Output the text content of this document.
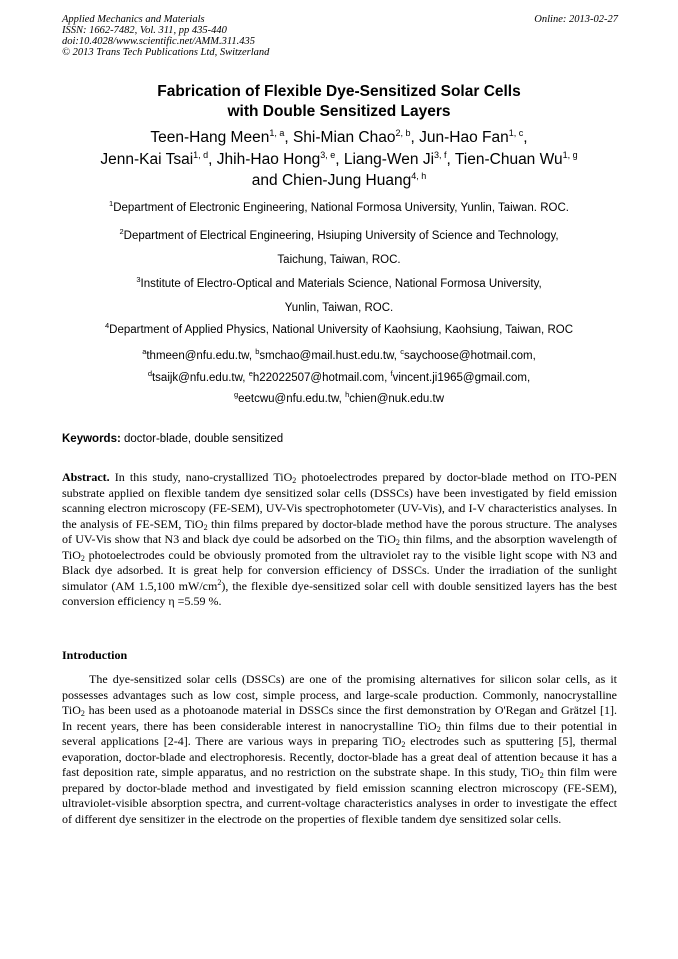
Applied Mechanics and Materials
ISSN: 1662-7482, Vol. 311, pp 435-440
doi:10.4028/www.scientific.net/AMM.311.435
© 2013 Trans Tech Publications Ltd, Switzerland
Online: 2013-02-27
Fabrication of Flexible Dye-Sensitized Solar Cells
with Double Sensitized Layers
Teen-Hang Meen$^{1, a}$, Shi-Mian Chao$^{2, b}$, Jun-Hao Fan$^{1, c}$,
Jenn-Kai Tsai$^{1, d}$, Jhih-Hao Hong$^{3, e}$, Liang-Wen Ji$^{3, f}$, Tien-Chuan Wu$^{1, g}$
and Chien-Jung Huang$^{4, h}$
$^1$Department of Electronic Engineering, National Formosa University, Yunlin, Taiwan. ROC.
$^2$Department of Electrical Engineering, Hsiuping University of Science and Technology,
Taichung, Taiwan, ROC.
$^3$Institute of Electro-Optical and Materials Science, National Formosa University,
Yunlin, Taiwan, ROC.
$^4$Department of Applied Physics, National University of Kaohsiung, Kaohsiung, Taiwan, ROC
$^a$thmeen@nfu.edu.tw, $^b$smchao@mail.hust.edu.tw, $^c$saychoose@hotmail.com,
$^d$tsaijk@nfu.edu.tw, $^e$h22022507@hotmail.com, $^f$vincent.ji1965@gmail.com,
$^g$eetcwu@nfu.edu.tw, $^h$chien@nuk.edu.tw
Keywords: doctor-blade, double sensitized
Abstract. In this study, nano-crystallized TiO$_2$ photoelectrodes prepared by doctor-blade method on ITO-PEN substrate applied on flexible tandem dye sensitized solar cells (DSSCs) have been investigated by field emission scanning electron microscopy (FE-SEM), UV-Vis spectrophotometer (UV-Vis), and I-V characteristics analyses. In the analysis of FE-SEM, TiO$_2$ thin films prepared by doctor-blade method have the porous structure. The analyses of UV-Vis show that N3 and black dye could be adsorbed on the TiO$_2$ thin films, and the absorption wavelength of TiO$_2$ photoelectrodes could be obviously promoted from the ultraviolet ray to the visible light scope with N3 and Black dye adsorbed. It is great help for conversion efficiency of DSSCs. Under the irradiation of the sunlight simulator (AM 1.5,100 $mW/cm^2$), the flexible dye-sensitized solar cell with double sensitized layers has the best conversion efficiency η =5.59 %.
Introduction
The dye-sensitized solar cells (DSSCs) are one of the promising alternatives for silicon solar cells, as it possesses advantages such as low cost, simple process, and large-scale production. Commonly, nanocrystalline TiO$_2$ has been used as a photoanode material in DSSCs since the first demonstration by O'Regan and Grätzel [1]. In recent years, there has been considerable interest in nanocrystalline TiO$_2$ thin films due to their potential in several applications [2-4]. There are various ways in preparing TiO$_2$ electrodes such as sputtering [5], thermal evaporation, doctor-blade and electrophoresis. Recently, doctor-blade has a great deal of attention because it has a fast deposition rate, simple apparatus, and no restriction on the substrate shape. In this study, TiO$_2$ thin film were prepared by doctor-blade method and investigated by field emission scanning electron microscopy (FE-SEM), ultraviolet-visible absorption spectra, and current-voltage characteristics analyses in order to investigate the effect of different dye sensitizer in the electrode on the properties of flexible tandem dye sensitized solar cells.
